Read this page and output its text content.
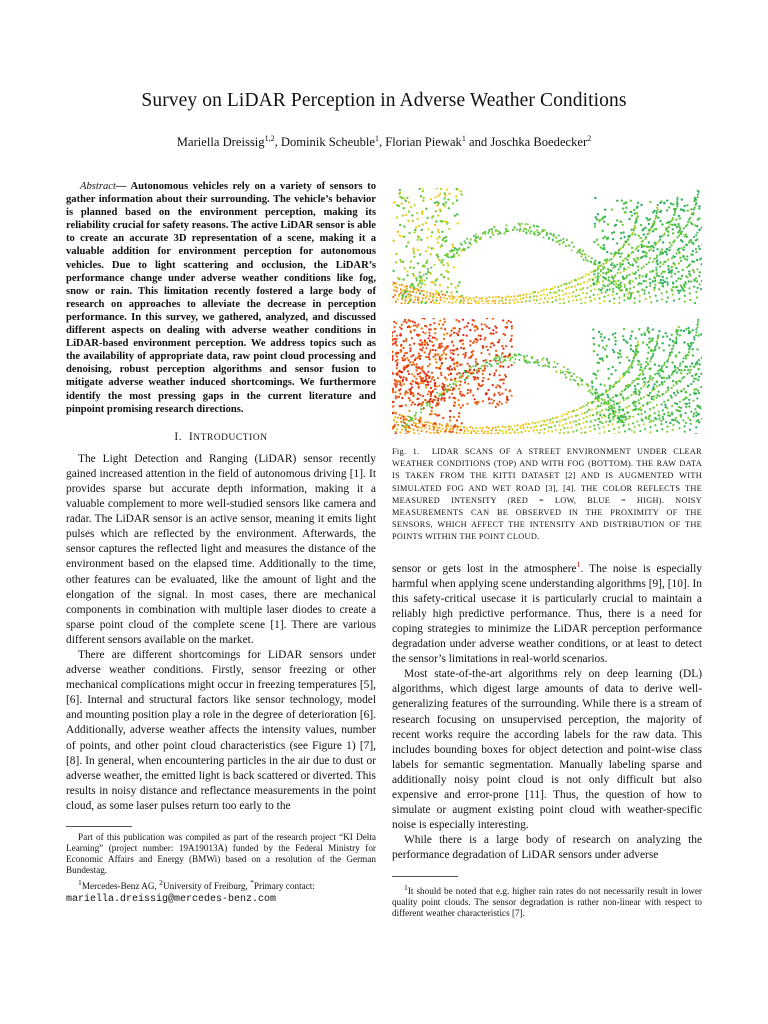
Survey on LiDAR Perception in Adverse Weather Conditions
Mariella Dreissig$^{1,2}$, Dominik Scheuble$^1$, Florian Piewak$^1$ and Joschka Boedecker$^2$

Abstract— Autonomous vehicles rely on a variety of sensors to gather information about their surrounding. The vehicle’s behavior is planned based on the environment perception, making its reliability crucial for safety reasons. The active LiDAR sensor is able to create an accurate 3D representation of a scene, making it a valuable addition for environment perception for autonomous vehicles. Due to light scattering and occlusion, the LiDAR’s performance change under adverse weather conditions like fog, snow or rain. This limitation recently fostered a large body of research on approaches to alleviate the decrease in perception performance. In this survey, we gathered, analyzed, and discussed different aspects on dealing with adverse weather conditions in LiDAR-based environment perception. We address topics such as the availability of appropriate data, raw point cloud processing and denoising, robust perception algorithms and sensor fusion to mitigate adverse weather induced shortcomings. We furthermore identify the most pressing gaps in the current literature and pinpoint promising research directions.

I. INTRODUCTION

The Light Detection and Ranging (LiDAR) sensor recently gained increased attention in the field of autonomous driving [1]. It provides sparse but accurate depth information, making it a valuable complement to more well-studied sensors like camera and radar. The LiDAR sensor is an active sensor, meaning it emits light pulses which are reflected by the environment. Afterwards, the sensor captures the reflected light and measures the distance of the environment based on the elapsed time. Additionally to the time, other features can be evaluated, like the amount of light and the elongation of the signal. In most cases, there are mechanical components in combination with multiple laser diodes to create a sparse point cloud of the complete scene [1]. There are various different sensors available on the market.

There are different shortcomings for LiDAR sensors under adverse weather conditions. Firstly, sensor freezing or other mechanical complications might occur in freezing temperatures [5], [6]. Internal and structural factors like sensor technology, model and mounting position play a role in the degree of deterioration [6]. Additionally, adverse weather affects the intensity values, number of points, and other point cloud characteristics (see Figure 1) [7], [8]. In general, when encountering particles in the air due to dust or adverse weather, the emitted light is back scattered or diverted. This results in noisy distance and reflectance measurements in the point cloud, as some laser pulses return too early to the

Part of this publication was compiled as part of the research project “KI Delta Learning” (project number: 19A19013A) funded by the Federal Ministry for Economic Affairs and Energy (BMWi) based on a resolution of the German Bundestag.

$^1$Mercedes-Benz AG, $^2$University of Freiburg, *Primary contact:

mariella.dreissig@mercedes-benz.com

Fig. 1. LIDAR SCANS OF A STREET ENVIRONMENT UNDER CLEAR WEATHER CONDITIONS (TOP) AND WITH FOG (BOTTOM). THE RAW DATA IS TAKEN FROM THE KITTI DATASET [2] AND IS AUGMENTED WITH SIMULATED FOG AND WET ROAD [3], [4]. THE COLOR REFLECTS THE MEASURED INTENSITY (RED = LOW, BLUE = HIGH). NOISY MEASUREMENTS CAN BE OBSERVED IN THE PROXIMITY OF THE SENSORS, WHICH AFFECT THE INTENSITY AND DISTRIBUTION OF THE POINTS WITHIN THE POINT CLOUD.

sensor or gets lost in the atmosphere$^1$. The noise is especially harmful when applying scene understanding algorithms [9], [10]. In this safety-critical usecase it is particularly crucial to maintain a reliably high predictive performance. Thus, there is a need for coping strategies to minimize the LiDAR perception performance degradation under adverse weather conditions, or at least to detect the sensor’s limitations in real-world scenarios.

Most state-of-the-art algorithms rely on deep learning (DL) algorithms, which digest large amounts of data to derive well-generalizing features of the surrounding. While there is a stream of research focusing on unsupervised perception, the majority of recent works require the according labels for the raw data. This includes bounding boxes for object detection and point-wise class labels for semantic segmentation. Manually labeling sparse and additionally noisy point cloud is not only difficult but also expensive and error-prone [11]. Thus, the question of how to simulate or augment existing point cloud with weather-specific noise is especially interesting.

While there is a large body of research on analyzing the performance degradation of LiDAR sensors under adverse

$^1$It should be noted that e.g. higher rain rates do not necessarily result in lower quality point clouds. The sensor degradation is rather non-linear with respect to different weather characteristics [7].
